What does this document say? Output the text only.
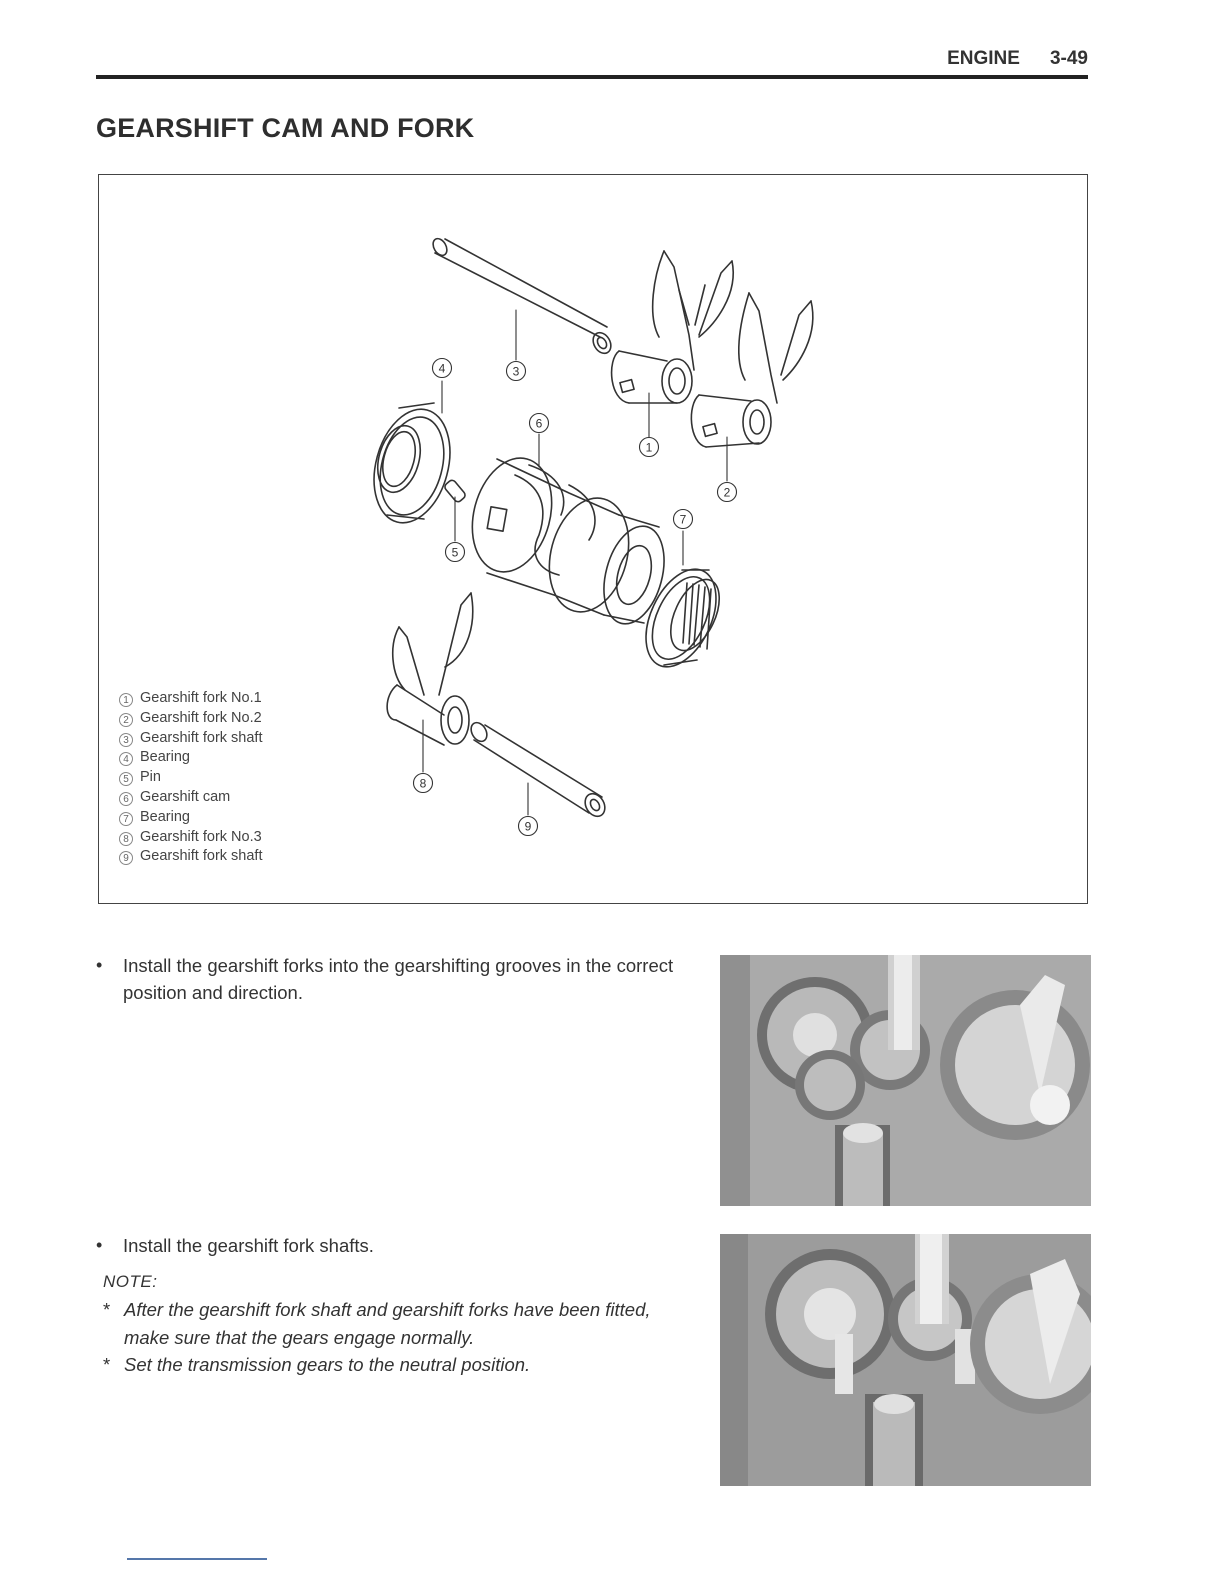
ENGINE 3-49
GEARSHIFT CAM AND FORK
4	3
6
1
2
5
7
8
9
1 Gearshift fork No.1
2 Gearshift fork No.2
3 Gearshift fork shaft
4 Bearing
5 Pin
6 Gearshift cam
7 Bearing
8 Gearshift fork No.3
9 Gearshift fork shaft
•	Install the gearshift forks into the gearshifting grooves in the correct position and direction.
•	Install the gearshift fork shafts.
NOTE:
* After the gearshift fork shaft and gearshift forks have been fitted, make sure that the gears engage normally.
* Set the transmission gears to the neutral position.
